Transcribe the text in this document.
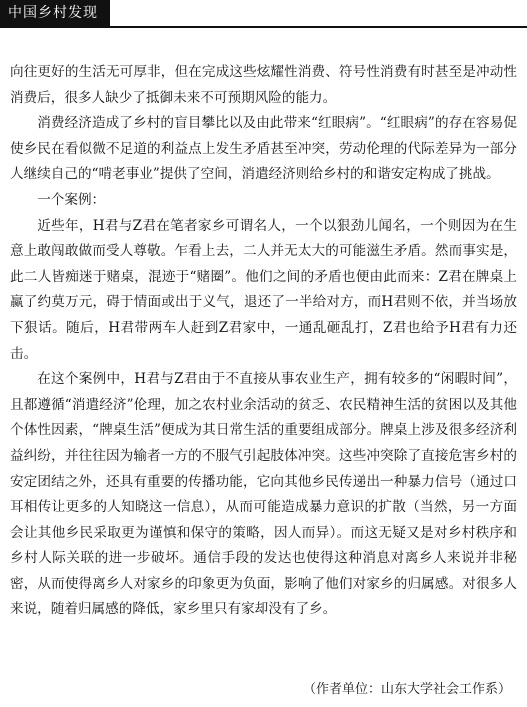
中国乡村发现

向往更好的生活无可厚非，但在完成这些炫耀性消费、符号性消费有时甚至是冲动性消费后，很多人缺少了抵御未来不可预期风险的能力。

消费经济造成了乡村的盲目攀比以及由此带来“红眼病”。“红眼病”的存在容易促使乡民在看似微不足道的利益点上发生矛盾甚至冲突，劳动伦理的代际差异为一部分人继续自己的“啃老事业”提供了空间，消遣经济则给乡村的和谐安定构成了挑战。

一个案例：

近些年，H君与Z君在笔者家乡可谓名人，一个以狠劲儿闻名，一个则因为在生意上敢闯敢做而受人尊敬。乍看上去，二人并无太大的可能滋生矛盾。然而事实是，此二人皆痴迷于赌桌，混迹于“赌圈”。他们之间的矛盾也便由此而来：Z君在牌桌上赢了约莫万元，碍于情面或出于义气，退还了一半给对方，而H君则不依，并当场放下狠话。随后，H君带两车人赶到Z君家中，一通乱砸乱打，Z君也给予H君有力还击。

在这个案例中，H君与Z君由于不直接从事农业生产，拥有较多的“闲暇时间”，且都遵循“消遣经济”伦理，加之农村业余活动的贫乏、农民精神生活的贫困以及其他个体性因素，“牌桌生活”便成为其日常生活的重要组成部分。牌桌上涉及很多经济利益纠纷，并往往因为输者一方的不服气引起肢体冲突。这些冲突除了直接危害乡村的安定团结之外，还具有重要的传播功能，它向其他乡民传递出一种暴力信号（通过口耳相传让更多的人知晓这一信息），从而可能造成暴力意识的扩散（当然，另一方面会让其他乡民采取更为谨慎和保守的策略，因人而异）。而这无疑又是对乡村秩序和乡村人际关联的进一步破坏。通信手段的发达也使得这种消息对离乡人来说并非秘密，从而使得离乡人对家乡的印象更为负面，影响了他们对家乡的归属感。对很多人来说，随着归属感的降低，家乡里只有家却没有了乡。

（作者单位：山东大学社会工作系）
